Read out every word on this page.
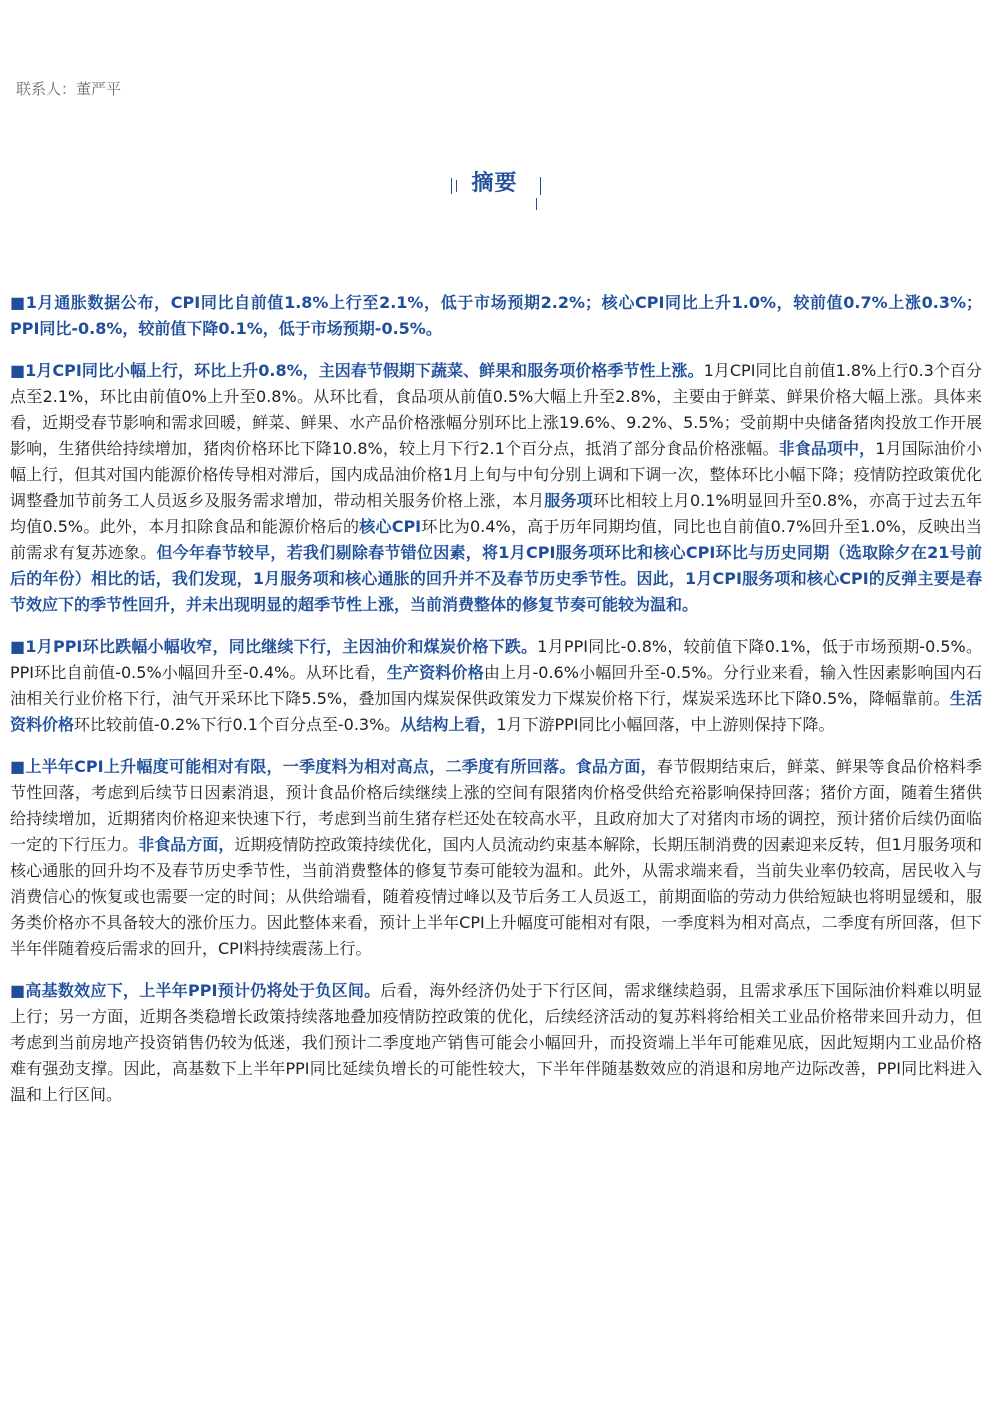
联系人：董严平
摘要

■1月通胀数据公布，CPI同比自前值1.8%上行至2.1%，低于市场预期2.2%；核心CPI同比上升1.0%，较前值0.7%上涨0.3%；PPI同比-0.8%，较前值下降0.1%，低于市场预期-0.5%。

■1月CPI同比小幅上行，环比上升0.8%，主因春节假期下蔬菜、鲜果和服务项价格季节性上涨。1月CPI同比自前值1.8%上行0.3个百分点至2.1%，环比由前值0%上升至0.8%。从环比看，食品项从前值0.5%大幅上升至2.8%，主要由于鲜菜、鲜果价格大幅上涨。具体来看，近期受春节影响和需求回暖，鲜菜、鲜果、水产品价格涨幅分别环比上涨19.6%、9.2%、5.5%；受前期中央储备猪肉投放工作开展影响，生猪供给持续增加，猪肉价格环比下降10.8%，较上月下行2.1个百分点，抵消了部分食品价格涨幅。非食品项中，1月国际油价小幅上行，但其对国内能源价格传导相对滞后，国内成品油价格1月上旬与中旬分别上调和下调一次，整体环比小幅下降；疫情防控政策优化调整叠加节前务工人员返乡及服务需求增加，带动相关服务价格上涨，本月服务项环比相较上月0.1%明显回升至0.8%，亦高于过去五年均值0.5%。此外，本月扣除食品和能源价格后的核心CPI环比为0.4%，高于历年同期均值，同比也自前值0.7%回升至1.0%，反映出当前需求有复苏迹象。但今年春节较早，若我们剔除春节错位因素，将1月CPI服务项环比和核心CPI环比与历史同期（选取除夕在21号前后的年份）相比的话，我们发现，1月服务项和核心通胀的回升并不及春节历史季节性。因此，1月CPI服务项和核心CPI的反弹主要是春节效应下的季节性回升，并未出现明显的超季节性上涨，当前消费整体的修复节奏可能较为温和。

■1月PPI环比跌幅小幅收窄，同比继续下行，主因油价和煤炭价格下跌。1月PPI同比-0.8%，较前值下降0.1%，低于市场预期-0.5%。PPI环比自前值-0.5%小幅回升至-0.4%。从环比看，生产资料价格由上月-0.6%小幅回升至-0.5%。分行业来看，输入性因素影响国内石油相关行业价格下行，油气开采环比下降5.5%，叠加国内煤炭保供政策发力下煤炭价格下行，煤炭采选环比下降0.5%，降幅靠前。生活资料价格环比较前值-0.2%下行0.1个百分点至-0.3%。从结构上看，1月下游PPI同比小幅回落，中上游则保持下降。

■上半年CPI上升幅度可能相对有限，一季度料为相对高点，二季度有所回落。食品方面，春节假期结束后，鲜菜、鲜果等食品价格料季节性回落，考虑到后续节日因素消退，预计食品价格后续继续上涨的空间有限猪肉价格受供给充裕影响保持回落；猪价方面，随着生猪供给持续增加，近期猪肉价格迎来快速下行，考虑到当前生猪存栏还处在较高水平，且政府加大了对猪肉市场的调控，预计猪价后续仍面临一定的下行压力。非食品方面，近期疫情防控政策持续优化，国内人员流动约束基本解除，长期压制消费的因素迎来反转，但1月服务项和核心通胀的回升均不及春节历史季节性，当前消费整体的修复节奏可能较为温和。此外，从需求端来看，当前失业率仍较高，居民收入与消费信心的恢复或也需要一定的时间；从供给端看，随着疫情过峰以及节后务工人员返工，前期面临的劳动力供给短缺也将明显缓和，服务类价格亦不具备较大的涨价压力。因此整体来看，预计上半年CPI上升幅度可能相对有限，一季度料为相对高点，二季度有所回落，但下半年伴随着疫后需求的回升，CPI料持续震荡上行。

■高基数效应下，上半年PPI预计仍将处于负区间。后看，海外经济仍处于下行区间，需求继续趋弱，且需求承压下国际油价料难以明显上行；另一方面，近期各类稳增长政策持续落地叠加疫情防控政策的优化，后续经济活动的复苏料将给相关工业品价格带来回升动力，但考虑到当前房地产投资销售仍较为低迷，我们预计二季度地产销售可能会小幅回升，而投资端上半年可能难见底，因此短期内工业品价格难有强劲支撑。因此，高基数下上半年PPI同比延续负增长的可能性较大，下半年伴随基数效应的消退和房地产边际改善，PPI同比料进入温和上行区间。
